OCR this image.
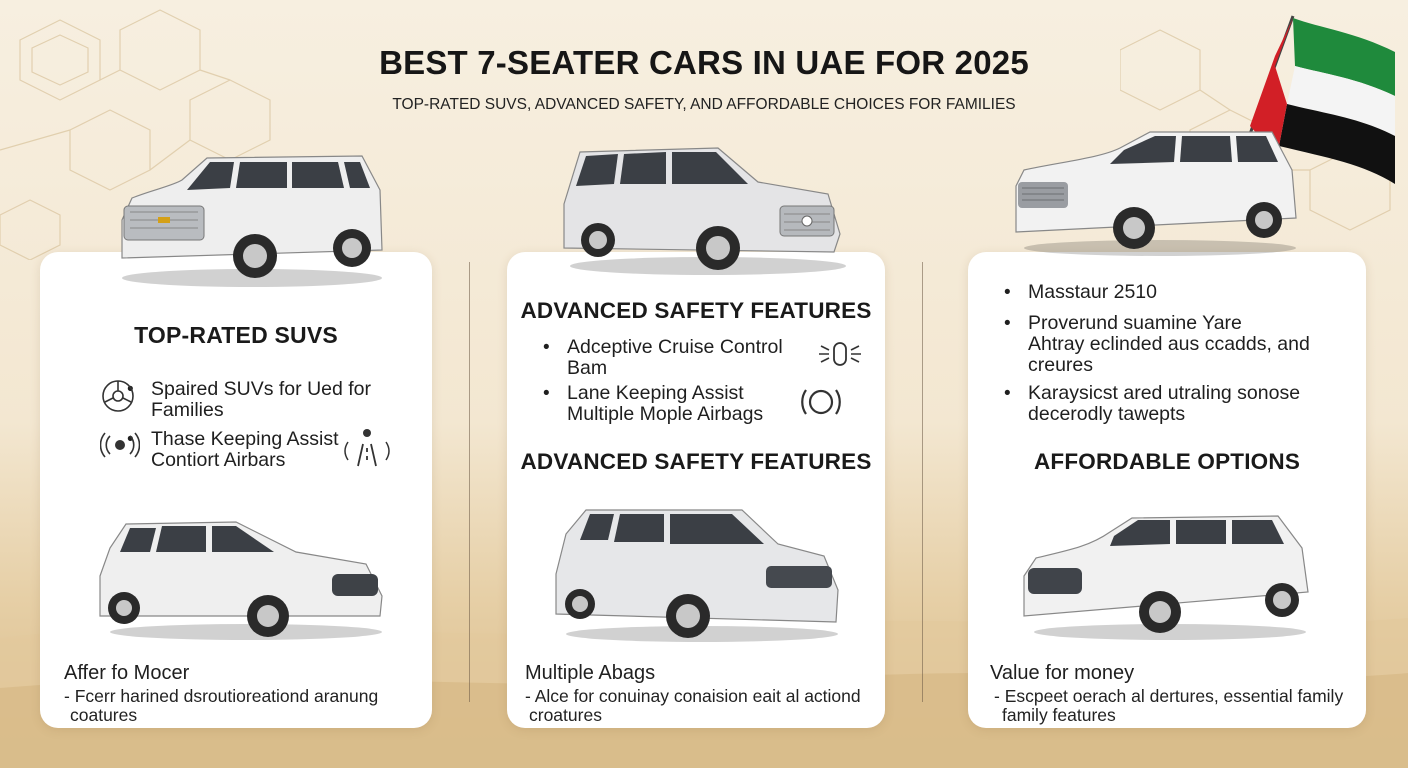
BEST 7-SEATER CARS IN UAE FOR 2025
TOP-RATED SUVS, ADVANCED SAFETY, AND AFFORDABLE CHOICES FOR FAMILIES
TOP-RATED SUVS
• Spaired SUVs for Ued for
Families
• Thase Keeping Assist
Contiort Airbars
Affer fo Mocer
- Fcerr harined dsroutioreationd aranung
coatures
ADVANCED SAFETY FEATURES
• Adceptive Cruise Control
Bam
• Lane Keeping Assist
Multiple Mople Airbags
ADVANCED SAFETY FEATURES
Multiple Abags
- Alce for conuinay conaision eait al actiond
croatures
• Masstaur 2510
• Proverund suamine Yare
Ahtray eclinded aus ccadds, and
creures
• Karaysicst ared utraling sonose
decerodly tawepts
AFFORDABLE OPTIONS
Value for money
- Escpeet oerach al dertures, essential family
family features
